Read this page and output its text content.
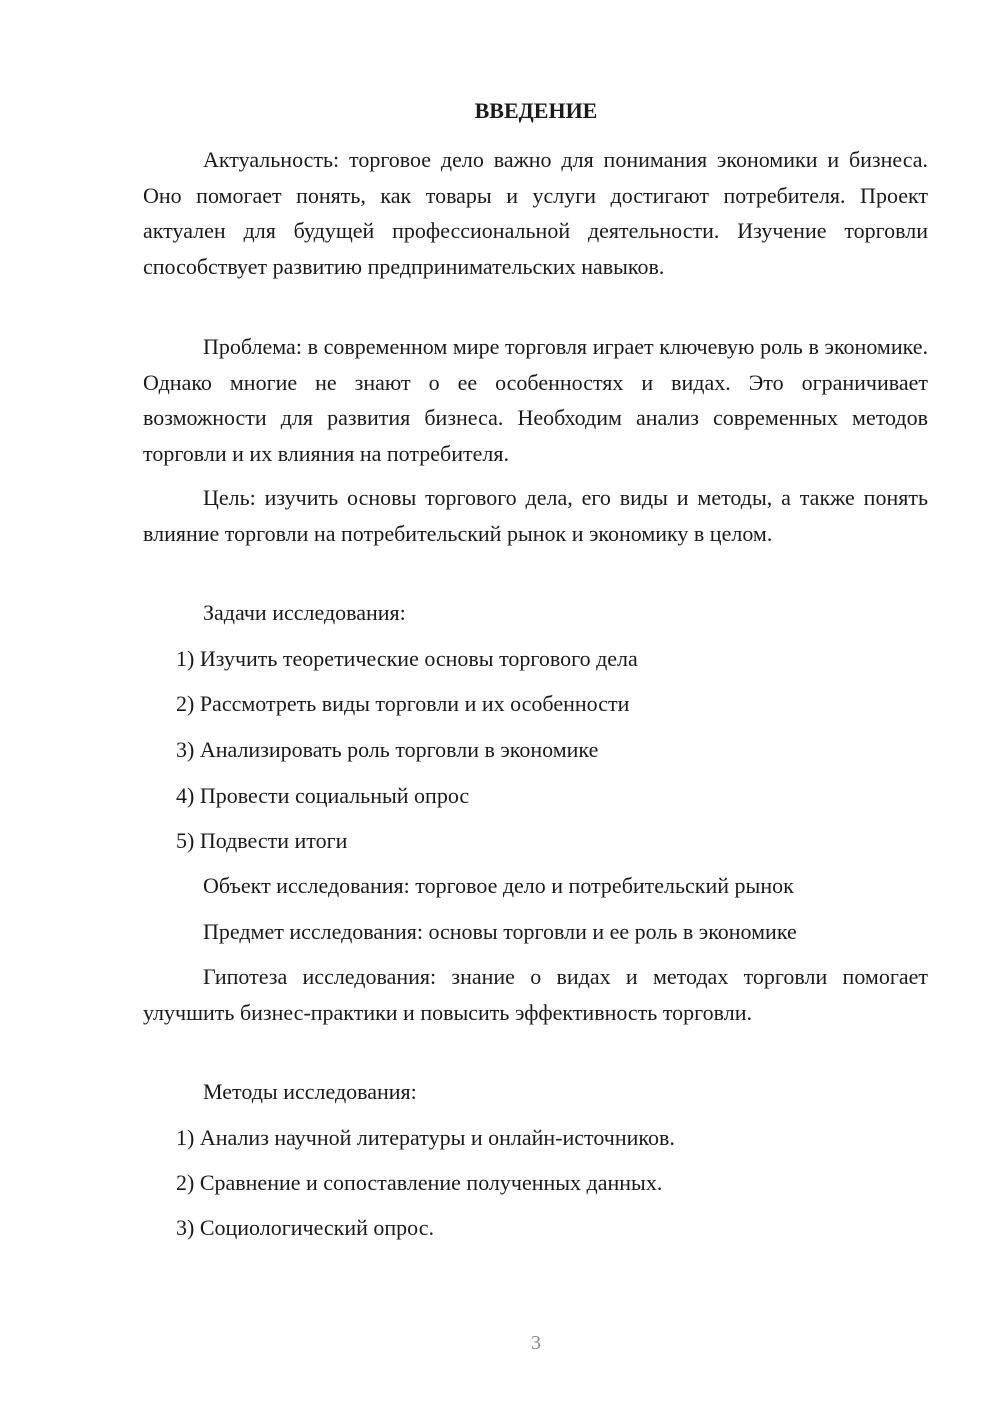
ВВЕДЕНИЕ

Актуальность: торговое дело важно для понимания экономики и бизнеса. Оно помогает понять, как товары и услуги достигают потребителя. Проект актуален для будущей профессиональной деятельности. Изучение торговли способствует развитию предпринимательских навыков.

Проблема: в современном мире торговля играет ключевую роль в экономике. Однако многие не знают о ее особенностях и видах. Это ограничивает возможности для развития бизнеса. Необходим анализ современных методов торговли и их влияния на потребителя.

Цель: изучить основы торгового дела, его виды и методы, а также понять влияние торговли на потребительский рынок и экономику в целом.

Задачи исследования:
1) Изучить теоретические основы торгового дела
2) Рассмотреть виды торговли и их особенности
3) Анализировать роль торговли в экономике
4) Провести социальный опрос
5) Подвести итоги
Объект исследования: торговое дело и потребительский рынок
Предмет исследования: основы торговли и ее роль в экономике

Гипотеза исследования: знание о видах и методах торговли помогает улучшить бизнес-практики и повысить эффективность торговли.

Методы исследования:
1) Анализ научной литературы и онлайн-источников.
2) Сравнение и сопоставление полученных данных.
3) Социологический опрос.
3
